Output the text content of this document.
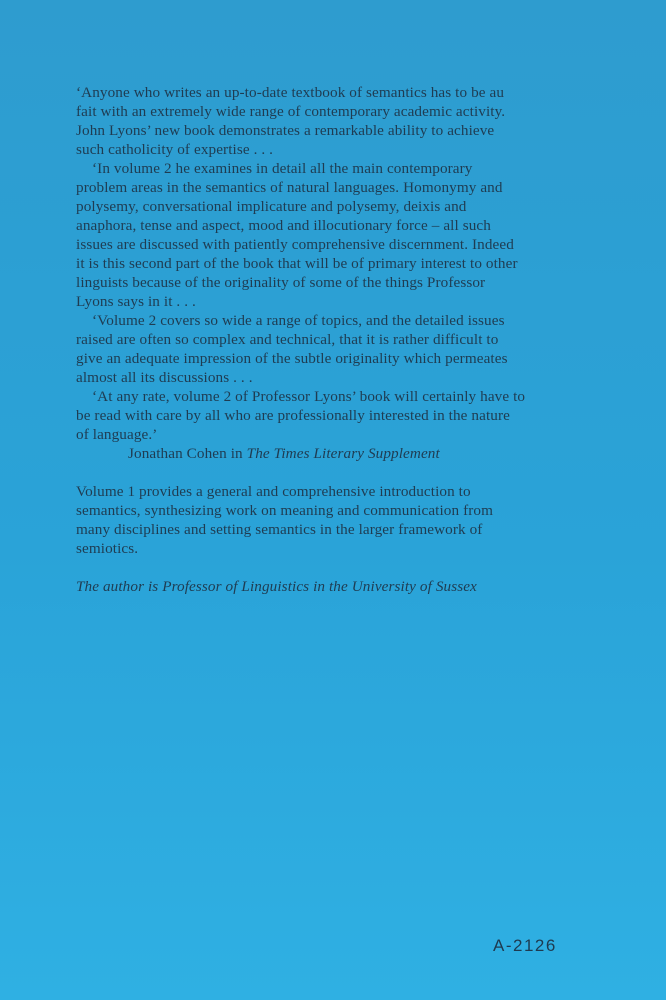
‘Anyone who writes an up-to-date textbook of semantics has to be au fait with an extremely wide range of contemporary academic activity. John Lyons’ new book demonstrates a remarkable ability to achieve such catholicity of expertise . . .

‘In volume 2 he examines in detail all the main contemporary problem areas in the semantics of natural languages. Homonymy and polysemy, conversational implicature and polysemy, deixis and anaphora, tense and aspect, mood and illocutionary force – all such issues are discussed with patiently comprehensive discernment. Indeed it is this second part of the book that will be of primary interest to other linguists because of the originality of some of the things Professor Lyons says in it . . .

‘Volume 2 covers so wide a range of topics, and the detailed issues raised are often so complex and technical, that it is rather difficult to give an adequate impression of the subtle originality which permeates almost all its discussions . . .

‘At any rate, volume 2 of Professor Lyons’ book will certainly have to be read with care by all who are professionally interested in the nature of language.’

Jonathan Cohen in The Times Literary Supplement

Volume 1 provides a general and comprehensive introduction to semantics, synthesizing work on meaning and communication from many disciplines and setting semantics in the larger framework of semiotics.

The author is Professor of Linguistics in the University of Sussex

A-2126
